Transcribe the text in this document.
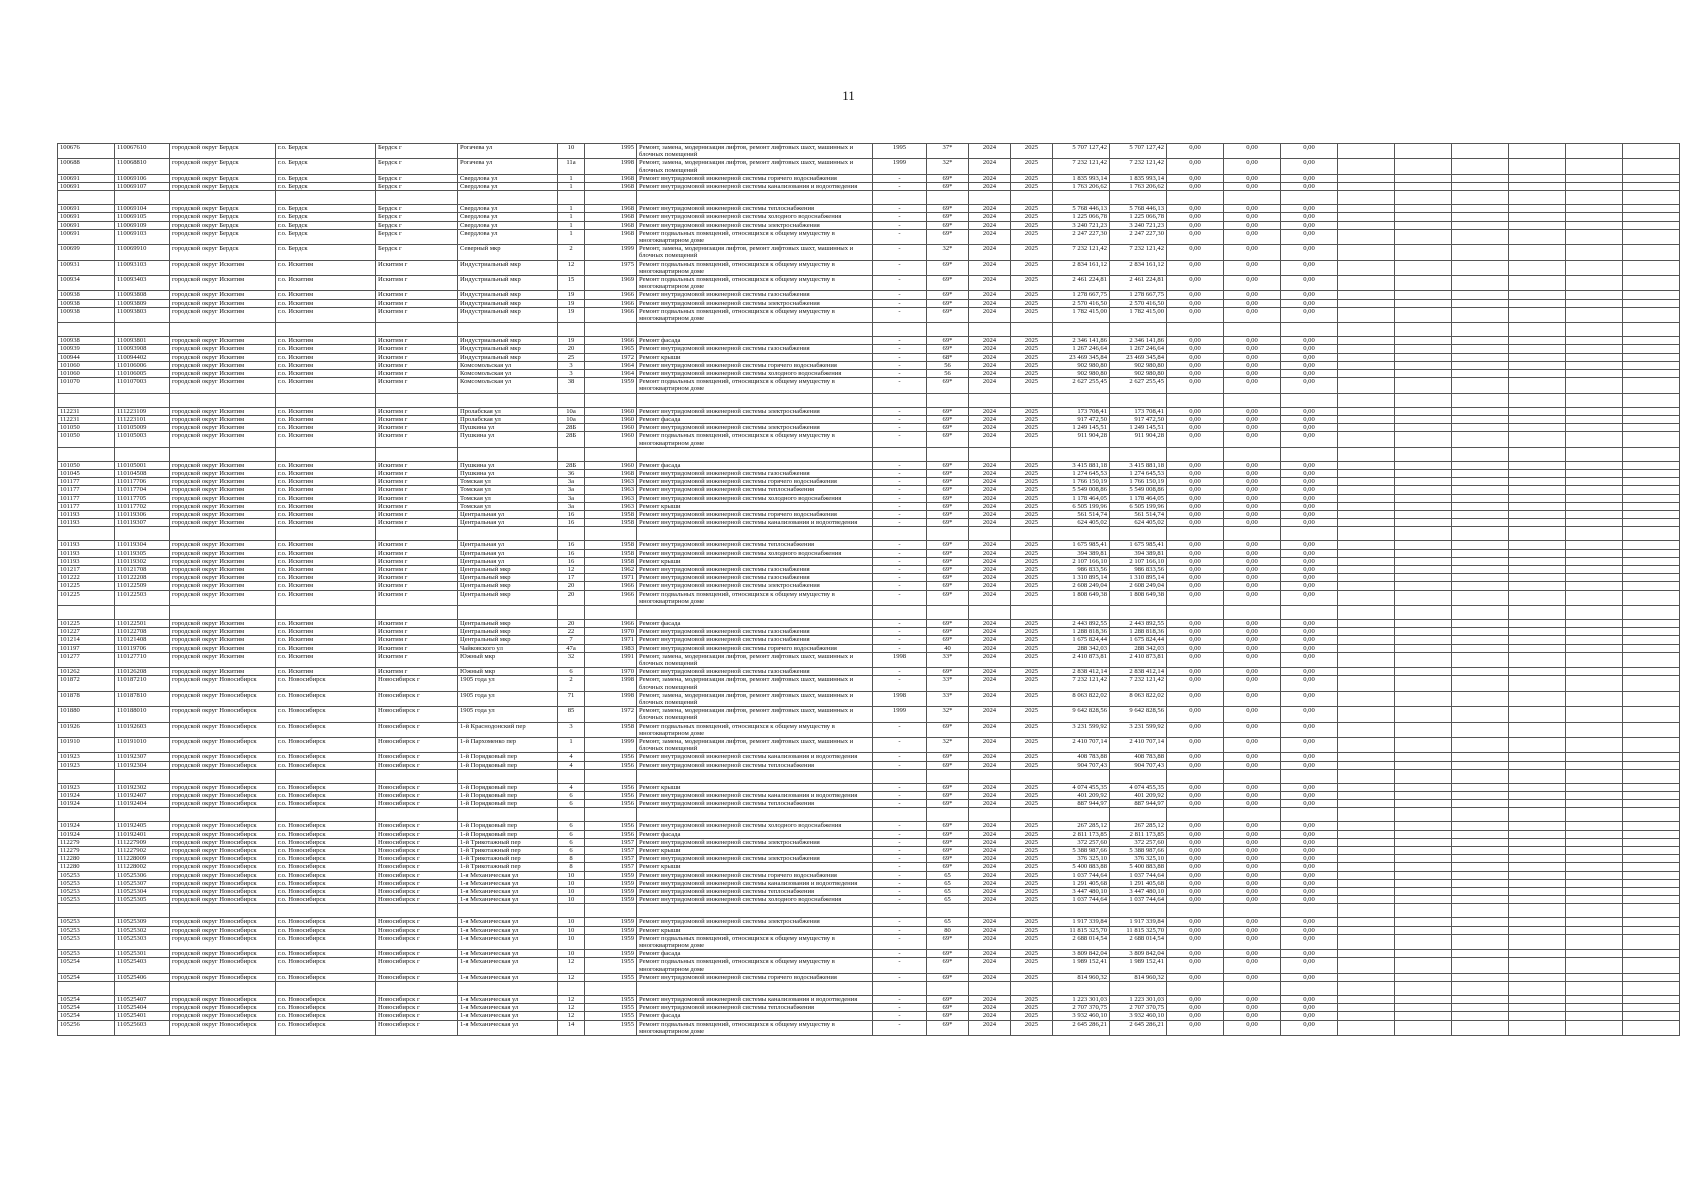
11
100676	110067610	городской округ Бердск	г.о. Бердск	Бердск г	Рогачева ул	10	1995	Ремонт, замена, модернизация лифтов, ремонт лифтовых шахт, машинных и блочных помещений	1995	37*	2024	2025	5 707 127,42	5 707 127,42	0,00	0,00	0,00						
100688	110068810	городской округ Бердск	г.о. Бердск	Бердск г	Рогачева ул	11а	1998	Ремонт, замена, модернизация лифтов, ремонт лифтовых шахт, машинных и блочных помещений	1999	32*	2024	2025	7 232 121,42	7 232 121,42	0,00	0,00	0,00						
100691	110069106	городской округ Бердск	г.о. Бердск	Бердск г	Свердлова ул	1	1968	Ремонт внутридомовой инженерной системы горячего водоснабжения	-	69*	2024	2025	1 835 993,14	1 835 993,14	0,00	0,00	0,00						
100691	110069107	городской округ Бердск	г.о. Бердск	Бердск г	Свердлова ул	1	1968	Ремонт внутридомовой инженерной системы канализования и водоотведения	-	69*	2024	2025	1 763 206,62	1 763 206,62	0,00	0,00	0,00						

100691	110069104	городской округ Бердск	г.о. Бердск	Бердск г	Свердлова ул	1	1968	Ремонт внутридомовой инженерной системы теплоснабжения	-	69*	2024	2025	5 768 446,13	5 768 446,13	0,00	0,00	0,00						
100691	110069105	городской округ Бердск	г.о. Бердск	Бердск г	Свердлова ул	1	1968	Ремонт внутридомовой инженерной системы холодного водоснабжения	-	69*	2024	2025	1 225 066,78	1 225 066,78	0,00	0,00	0,00						
100691	110069109	городской округ Бердск	г.о. Бердск	Бердск г	Свердлова ул	1	1968	Ремонт внутридомовой инженерной системы электроснабжения	-	69*	2024	2025	3 240 721,23	3 240 721,23	0,00	0,00	0,00						
100691	110069103	городской округ Бердск	г.о. Бердск	Бердск г	Свердлова ул	1	1968	Ремонт подвальных помещений, относящихся к общему имуществу в многоквартирном доме	-	69*	2024	2025	2 247 227,30	2 247 227,30	0,00	0,00	0,00						
100699	110069910	городской округ Бердск	г.о. Бердск	Бердск г	Северный мкр	2	1999	Ремонт, замена, модернизация лифтов, ремонт лифтовых шахт, машинных и блочных помещений	-	32*	2024	2025	7 232 121,42	7 232 121,42	0,00	0,00	0,00						
100931	110093103	городской округ Искитим	г.о. Искитим	Искитим г	Индустриальный мкр	12	1975	Ремонт подвальных помещений, относящихся к общему имуществу в многоквартирном доме	-	69*	2024	2025	2 834 161,12	2 834 161,12	0,00	0,00	0,00						
100934	110093403	городской округ Искитим	г.о. Искитим	Искитим г	Индустриальный мкр	15	1969	Ремонт подвальных помещений, относящихся к общему имуществу в многоквартирном доме	-	69*	2024	2025	2 461 224,81	2 461 224,81	0,00	0,00	0,00						
100938	110093808	городской округ Искитим	г.о. Искитим	Искитим г	Индустриальный мкр	19	1966	Ремонт внутридомовой инженерной системы газоснабжения	-	69*	2024	2025	1 278 667,75	1 278 667,75	0,00	0,00	0,00						
100938	110093809	городской округ Искитим	г.о. Искитим	Искитим г	Индустриальный мкр	19	1966	Ремонт внутридомовой инженерной системы электроснабжения	-	69*	2024	2025	2 570 416,50	2 570 416,50	0,00	0,00	0,00						
100938	110093803	городской округ Искитим	г.о. Искитим	Искитим г	Индустриальный мкр	19	1966	Ремонт подвальных помещений, относящихся к общему имуществу в многоквартирном доме	-	69*	2024	2025	1 782 415,00	1 782 415,00	0,00	0,00	0,00						

100938	110093801	городской округ Искитим	г.о. Искитим	Искитим г	Индустриальный мкр	19	1966	Ремонт фасада	-	69*	2024	2025	2 346 141,86	2 346 141,86	0,00	0,00	0,00						
100939	110093908	городской округ Искитим	г.о. Искитим	Искитим г	Индустриальный мкр	20	1965	Ремонт внутридомовой инженерной системы газоснабжения	-	69*	2024	2025	1 267 246,64	1 267 246,64	0,00	0,00	0,00						
100944	110094402	городской округ Искитим	г.о. Искитим	Искитим г	Индустриальный мкр	25	1972	Ремонт крыши	-	68*	2024	2025	23 469 345,84	23 469 345,84	0,00	0,00	0,00						
101060	110106006	городской округ Искитим	г.о. Искитим	Искитим г	Комсомольская ул	3	1964	Ремонт внутридомовой инженерной системы горячего водоснабжения	-	56	2024	2025	902 980,80	902 980,80	0,00	0,00	0,00						
101060	110106005	городской округ Искитим	г.о. Искитим	Искитим г	Комсомольская ул	3	1964	Ремонт внутридомовой инженерной системы холодного водоснабжения	-	56	2024	2025	902 980,80	902 980,80	0,00	0,00	0,00						
101070	110107003	городской округ Искитим	г.о. Искитим	Искитим г	Комсомольская ул	38	1959	Ремонт подвальных помещений, относящихся к общему имуществу в многоквартирном доме	-	69*	2024	2025	2 627 255,45	2 627 255,45	0,00	0,00	0,00						

112231	111223109	городской округ Искитим	г.о. Искитим	Искитим г	Пролабская ул	10а	1960	Ремонт внутридомовой инженерной системы электроснабжения	-	69*	2024	2025	173 708,41	173 708,41	0,00	0,00	0,00						
112231	111223101	городской округ Искитим	г.о. Искитим	Искитим г	Пролабская ул	10а	1960	Ремонт фасада	-	69*	2024	2025	917 472,50	917 472,50	0,00	0,00	0,00						
101050	110105009	городской округ Искитим	г.о. Искитим	Искитим г	Пушкина ул	28Б	1960	Ремонт внутридомовой инженерной системы электроснабжения	-	69*	2024	2025	1 249 145,51	1 249 145,51	0,00	0,00	0,00						
101050	110105003	городской округ Искитим	г.о. Искитим	Искитим г	Пушкина ул	28Б	1960	Ремонт подвальных помещений, относящихся к общему имуществу в многоквартирном доме	-	69*	2024	2025	911 904,28	911 904,28	0,00	0,00	0,00						

101050	110105001	городской округ Искитим	г.о. Искитим	Искитим г	Пушкина ул	28Б	1960	Ремонт фасада	-	69*	2024	2025	3 415 881,18	3 415 881,18	0,00	0,00	0,00						
101045	110104508	городской округ Искитим	г.о. Искитим	Искитим г	Пушкина ул	36	1968	Ремонт внутридомовой инженерной системы газоснабжения	-	69*	2024	2025	1 274 645,53	1 274 645,53	0,00	0,00	0,00						
101177	110117706	городской округ Искитим	г.о. Искитим	Искитим г	Томская ул	3а	1963	Ремонт внутридомовой инженерной системы горячего водоснабжения	-	69*	2024	2025	1 766 150,19	1 766 150,19	0,00	0,00	0,00						
101177	110117704	городской округ Искитим	г.о. Искитим	Искитим г	Томская ул	3а	1963	Ремонт внутридомовой инженерной системы теплоснабжения	-	69*	2024	2025	5 549 008,86	5 549 008,86	0,00	0,00	0,00						
101177	110117705	городской округ Искитим	г.о. Искитим	Искитим г	Томская ул	3а	1963	Ремонт внутридомовой инженерной системы холодного водоснабжения	-	69*	2024	2025	1 178 464,05	1 178 464,05	0,00	0,00	0,00						
101177	110117702	городской округ Искитим	г.о. Искитим	Искитим г	Томская ул	3а	1963	Ремонт крыши	-	69*	2024	2025	6 505 199,96	6 505 199,96	0,00	0,00	0,00						
101193	110119306	городской округ Искитим	г.о. Искитим	Искитим г	Центральная ул	16	1958	Ремонт внутридомовой инженерной системы горячего водоснабжения	-	69*	2024	2025	561 514,74	561 514,74	0,00	0,00	0,00						
101193	110119307	городской округ Искитим	г.о. Искитим	Искитим г	Центральная ул	16	1958	Ремонт внутридомовой инженерной системы канализования и водоотведения	-	69*	2024	2025	624 405,02	624 405,02	0,00	0,00	0,00						

101193	110119304	городской округ Искитим	г.о. Искитим	Искитим г	Центральная ул	16	1958	Ремонт внутридомовой инженерной системы теплоснабжения	-	69*	2024	2025	1 675 985,41	1 675 985,41	0,00	0,00	0,00						
101193	110119305	городской округ Искитим	г.о. Искитим	Искитим г	Центральная ул	16	1958	Ремонт внутридомовой инженерной системы холодного водоснабжения	-	69*	2024	2025	394 389,81	394 389,81	0,00	0,00	0,00						
101193	110119302	городской округ Искитим	г.о. Искитим	Искитим г	Центральная ул	16	1958	Ремонт крыши	-	69*	2024	2025	2 107 166,10	2 107 166,10	0,00	0,00	0,00						
101217	110121708	городской округ Искитим	г.о. Искитим	Искитим г	Центральный мкр	12	1962	Ремонт внутридомовой инженерной системы газоснабжения	-	69*	2024	2025	986 833,56	986 833,56	0,00	0,00	0,00						
101222	110122208	городской округ Искитим	г.о. Искитим	Искитим г	Центральный мкр	17	1971	Ремонт внутридомовой инженерной системы газоснабжения	-	69*	2024	2025	1 310 895,14	1 310 895,14	0,00	0,00	0,00						
101225	110122509	городской округ Искитим	г.о. Искитим	Искитим г	Центральный мкр	20	1966	Ремонт внутридомовой инженерной системы электроснабжения	-	69*	2024	2025	2 608 249,04	2 608 249,04	0,00	0,00	0,00						
101225	110122503	городской округ Искитим	г.о. Искитим	Искитим г	Центральный мкр	20	1966	Ремонт подвальных помещений, относящихся к общему имуществу в многоквартирном доме	-	69*	2024	2025	1 808 649,38	1 808 649,38	0,00	0,00	0,00						

101225	110122501	городской округ Искитим	г.о. Искитим	Искитим г	Центральный мкр	20	1966	Ремонт фасада	-	69*	2024	2025	2 443 892,55	2 443 892,55	0,00	0,00	0,00						
101227	110122708	городской округ Искитим	г.о. Искитим	Искитим г	Центральный мкр	22	1970	Ремонт внутридомовой инженерной системы газоснабжения	-	69*	2024	2025	1 288 818,36	1 288 818,36	0,00	0,00	0,00						
101214	110121408	городской округ Искитим	г.о. Искитим	Искитим г	Центральный мкр	7	1971	Ремонт внутридомовой инженерной системы газоснабжения	-	69*	2024	2025	1 675 824,44	1 675 824,44	0,00	0,00	0,00						
101197	110119706	городской округ Искитим	г.о. Искитим	Искитим г	Чайковского ул	47а	1983	Ремонт внутридомовой инженерной системы горячего водоснабжения	-	40	2024	2025	288 342,03	288 342,03	0,00	0,00	0,00						
101277	110127710	городской округ Искитим	г.о. Искитим	Искитим г	Южный мкр	32	1991	Ремонт, замена, модернизация лифтов, ремонт лифтовых шахт, машинных и блочных помещений	1998	33*	2024	2025	2 410 873,81	2 410 873,81	0,00	0,00	0,00						
101262	110126208	городской округ Искитим	г.о. Искитим	Искитим г	Южный мкр	6	1970	Ремонт внутридомовой инженерной системы газоснабжения	-	69*	2024	2025	2 838 412,14	2 838 412,14	0,00	0,00	0,00						
101872	110187210	городской округ Новосибирск	г.о. Новосибирск	Новосибирск г	1905 года ул	2	1998	Ремонт, замена, модернизация лифтов, ремонт лифтовых шахт, машинных и блочных помещений	-	33*	2024	2025	7 232 121,42	7 232 121,42	0,00	0,00	0,00						
101878	110187810	городской округ Новосибирск	г.о. Новосибирск	Новосибирск г	1905 года ул	71	1998	Ремонт, замена, модернизация лифтов, ремонт лифтовых шахт, машинных и блочных помещений	1998	33*	2024	2025	8 063 822,02	8 063 822,02	0,00	0,00	0,00						
101880	110188010	городской округ Новосибирск	г.о. Новосибирск	Новосибирск г	1905 года ул	85	1972	Ремонт, замена, модернизация лифтов, ремонт лифтовых шахт, машинных и блочных помещений	1999	32*	2024	2025	9 642 828,56	9 642 828,56	0,00	0,00	0,00						
101926	110192603	городской округ Новосибирск	г.о. Новосибирск	Новосибирск г	1-й Краснодонский пер	3	1958	Ремонт подвальных помещений, относящихся к общему имуществу в многоквартирном доме	-	69*	2024	2025	3 231 599,92	3 231 599,92	0,00	0,00	0,00						
101910	110191010	городской округ Новосибирск	г.о. Новосибирск	Новосибирск г	1-й Пархоменко пер	1	1999	Ремонт, замена, модернизация лифтов, ремонт лифтовых шахт, машинных и блочных помещений	-	32*	2024	2025	2 410 707,14	2 410 707,14	0,00	0,00	0,00						
101923	110192307	городской округ Новосибирск	г.о. Новосибирск	Новосибирск г	1-й Порядковый пер	4	1956	Ремонт внутридомовой инженерной системы канализования и водоотведения	-	69*	2024	2025	408 783,88	408 783,88	0,00	0,00	0,00						
101923	110192304	городской округ Новосибирск	г.о. Новосибирск	Новосибирск г	1-й Порядковый пер	4	1956	Ремонт внутридомовой инженерной системы теплоснабжения	-	69*	2024	2025	904 707,43	904 707,43	0,00	0,00	0,00						

101923	110192302	городской округ Новосибирск	г.о. Новосибирск	Новосибирск г	1-й Порядковый пер	4	1956	Ремонт крыши	-	69*	2024	2025	4 074 455,35	4 074 455,35	0,00	0,00	0,00						
101924	110192407	городской округ Новосибирск	г.о. Новосибирск	Новосибирск г	1-й Порядковый пер	6	1956	Ремонт внутридомовой инженерной системы канализования и водоотведения	-	69*	2024	2025	401 209,92	401 209,92	0,00	0,00	0,00						
101924	110192404	городской округ Новосибирск	г.о. Новосибирск	Новосибирск г	1-й Порядковый пер	6	1956	Ремонт внутридомовой инженерной системы теплоснабжения	-	69*	2024	2025	887 944,97	887 944,97	0,00	0,00	0,00						

101924	110192405	городской округ Новосибирск	г.о. Новосибирск	Новосибирск г	1-й Порядковый пер	6	1956	Ремонт внутридомовой инженерной системы холодного водоснабжения	-	69*	2024	2025	267 285,12	267 285,12	0,00	0,00	0,00						
101924	110192401	городской округ Новосибирск	г.о. Новосибирск	Новосибирск г	1-й Порядковый пер	6	1956	Ремонт фасада	-	69*	2024	2025	2 811 173,85	2 811 173,85	0,00	0,00	0,00						
112279	111227909	городской округ Новосибирск	г.о. Новосибирск	Новосибирск г	1-й Трикотажный пер	6	1957	Ремонт внутридомовой инженерной системы электроснабжения	-	69*	2024	2025	372 257,60	372 257,60	0,00	0,00	0,00						
112279	111227902	городской округ Новосибирск	г.о. Новосибирск	Новосибирск г	1-й Трикотажный пер	6	1957	Ремонт крыши	-	69*	2024	2025	5 388 987,66	5 388 987,66	0,00	0,00	0,00						
112280	111228009	городской округ Новосибирск	г.о. Новосибирск	Новосибирск г	1-й Трикотажный пер	8	1957	Ремонт внутридомовой инженерной системы электроснабжения	-	69*	2024	2025	376 325,10	376 325,10	0,00	0,00	0,00						
112280	111228002	городской округ Новосибирск	г.о. Новосибирск	Новосибирск г	1-й Трикотажный пер	8	1957	Ремонт крыши	-	69*	2024	2025	5 400 883,88	5 400 883,88	0,00	0,00	0,00						
105253	110525306	городской округ Новосибирск	г.о. Новосибирск	Новосибирск г	1-я Механическая ул	10	1959	Ремонт внутридомовой инженерной системы горячего водоснабжения	-	65	2024	2025	1 037 744,64	1 037 744,64	0,00	0,00	0,00						
105253	110525307	городской округ Новосибирск	г.о. Новосибирск	Новосибирск г	1-я Механическая ул	10	1959	Ремонт внутридомовой инженерной системы канализования и водоотведения	-	65	2024	2025	1 291 405,68	1 291 405,68	0,00	0,00	0,00						
105253	110525304	городской округ Новосибирск	г.о. Новосибирск	Новосибирск г	1-я Механическая ул	10	1959	Ремонт внутридомовой инженерной системы теплоснабжения	-	65	2024	2025	3 447 480,10	3 447 480,10	0,00	0,00	0,00						
105253	110525305	городской округ Новосибирск	г.о. Новосибирск	Новосибирск г	1-я Механическая ул	10	1959	Ремонт внутридомовой инженерной системы холодного водоснабжения	-	65	2024	2025	1 037 744,64	1 037 744,64	0,00	0,00	0,00						

105253	110525309	городской округ Новосибирск	г.о. Новосибирск	Новосибирск г	1-я Механическая ул	10	1959	Ремонт внутридомовой инженерной системы электроснабжения	-	65	2024	2025	1 917 339,84	1 917 339,84	0,00	0,00	0,00						
105253	110525302	городской округ Новосибирск	г.о. Новосибирск	Новосибирск г	1-я Механическая ул	10	1959	Ремонт крыши	-	80	2024	2025	11 815 325,70	11 815 325,70	0,00	0,00	0,00						
105253	110525303	городской округ Новосибирск	г.о. Новосибирск	Новосибирск г	1-я Механическая ул	10	1959	Ремонт подвальных помещений, относящихся к общему имуществу в многоквартирном доме	-	69*	2024	2025	2 688 014,54	2 688 014,54	0,00	0,00	0,00						
105253	110525301	городской округ Новосибирск	г.о. Новосибирск	Новосибирск г	1-я Механическая ул	10	1959	Ремонт фасада	-	69*	2024	2025	3 809 842,04	3 809 842,04	0,00	0,00	0,00						
105254	110525403	городской округ Новосибирск	г.о. Новосибирск	Новосибирск г	1-я Механическая ул	12	1955	Ремонт подвальных помещений, относящихся к общему имуществу в многоквартирном доме	-	69*	2024	2025	1 989 152,41	1 989 152,41	0,00	0,00	0,00						
105254	110525406	городской округ Новосибирск	г.о. Новосибирск	Новосибирск г	1-я Механическая ул	12	1955	Ремонт внутридомовой инженерной системы горячего водоснабжения	-	69*	2024	2025	814 960,32	814 960,32	0,00	0,00	0,00						

105254	110525407	городской округ Новосибирск	г.о. Новосибирск	Новосибирск г	1-я Механическая ул	12	1955	Ремонт внутридомовой инженерной системы канализования и водоотведения	-	69*	2024	2025	1 223 301,03	1 223 301,03	0,00	0,00	0,00						
105254	110525404	городской округ Новосибирск	г.о. Новосибирск	Новосибирск г	1-я Механическая ул	12	1955	Ремонт внутридомовой инженерной системы теплоснабжения	-	69*	2024	2025	2 707 370,75	2 707 370,75	0,00	0,00	0,00						
105254	110525401	городской округ Новосибирск	г.о. Новосибирск	Новосибирск г	1-я Механическая ул	12	1955	Ремонт фасада	-	69*	2024	2025	3 932 460,10	3 932 460,10	0,00	0,00	0,00						
105256	110525603	городской округ Новосибирск	г.о. Новосибирск	Новосибирск г	1-я Механическая ул	14	1955	Ремонт подвальных помещений, относящихся к общему имуществу в многоквартирном доме	-	69*	2024	2025	2 645 286,21	2 645 286,21	0,00	0,00	0,00						
